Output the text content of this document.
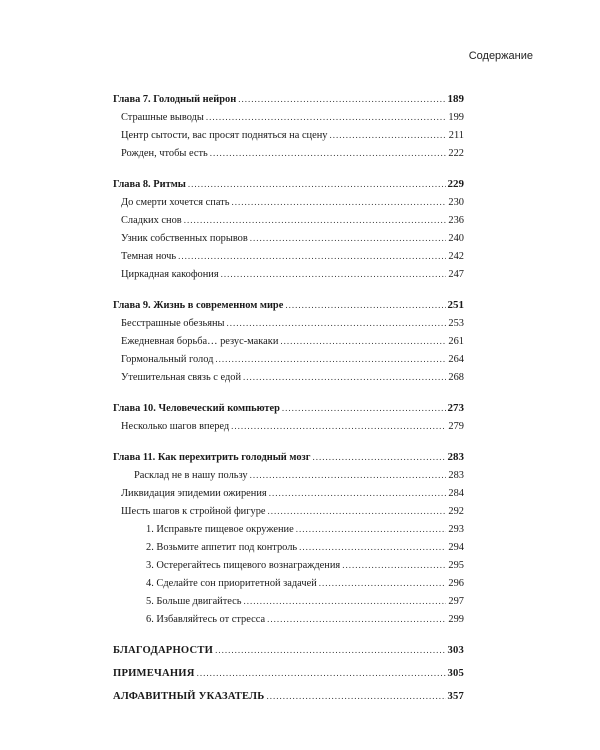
Содержание
Глава 7. Голодный нейрон .....	189
Страшные выводы .....	199
Центр сытости, вас просят подняться на сцену .....	211
Рожден, чтобы есть .....	222
Глава 8. Ритмы .....	229
До смерти хочется спать .....	230
Сладких снов .....	236
Узник собственных порывов .....	240
Темная ночь .....	242
Циркадная какофония .....	247
Глава 9. Жизнь в современном мире .....	251
Бесстрашные обезьяны .....	253
Ежедневная борьба… резус-макаки .....	261
Гормональный голод .....	264
Утешительная связь с едой .....	268
Глава 10. Человеческий компьютер .....	273
Несколько шагов вперед .....	279
Глава 11. Как перехитрить голодный мозг .....	283
Расклад не в нашу пользу .....	283
Ликвидация эпидемии ожирения .....	284
Шесть шагов к стройной фигуре .....	292
1. Исправьте пищевое окружение .....	293
2. Возьмите аппетит под контроль .....	294
3. Остерегайтесь пищевого вознаграждения .....	295
4. Сделайте сон приоритетной задачей .....	296
5. Больше двигайтесь .....	297
6. Избавляйтесь от стресса .....	299
БЛАГОДАРНОСТИ .....	303
ПРИМЕЧАНИЯ .....	305
АЛФАВИТНЫЙ УКАЗАТЕЛЬ .....	357
